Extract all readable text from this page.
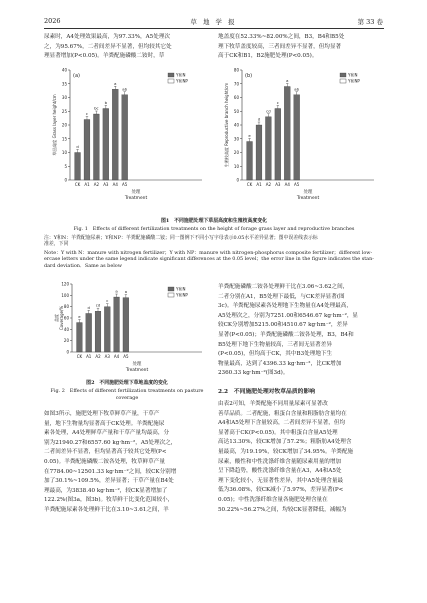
2026	草 地 学 报	第 33 卷

尿素时，A4处理效果最高，为97.33%，A5处理次

之，为95.67%，二者间差异不显著，但均较其它处

理显著增加(P<0.05)。羊粪配施磷酸二铵时，草

地盖度在52.33%~82.00%之间，B3，B4和B5处

理下牧草盖度较高，三者间差异不显著，但均显著

高于CK和B1，B2施肥处理(P<0.05)。

0
5
10
15
20
25
30
35
40
草层高度 Grass layer height/cm
(a)	Y和N
Y和NP
d
CK
c
A1
bc
A2
b
A3
a
A4
ab
A5
处理
Treatment
0
10
20
30
40
50
60
70
80
生殖枝高度 Reproductive branch height/cm
(b)	Y和N
Y和NP
e
CK
d
A1
cd
A2
c
A3
a
A4
ab
A5
处理
Treatment
图1　不同施肥处理下草层高度和生殖枝高度变化
Fig. 1　Effects of different fertilization treatments on the height of forage grass layer and reproductive branches
注：Y和N：羊粪配施尿素；Y和NP：羊粪配施磷酸二铵；同一图例下不同小写字母表示0.05水平差异显著；图中误差线表示标
准差，下同
Note：Y with N：manure with nitrogen fertilizer；Y with NP：manure with nitrogen-phosphorus composite fertilizer；different low-
ercase letters under the same legend indicate significant differences at the 0.05 level；the error line in the figure indicates the stan-
dard deviation．Same as below
0
20
40
60
80
100
120
盖度 Coverage/%
Y和N
Y和NP
e
CK
d
A1
cd
A2
c
A3
a
A4
a
A5
处理
Treatment
图2　不同施肥处理下草地盖度的变化
Fig. 2　Effects of different fertilization treatments on pasture
coverage

羊粪配施磷酸二铵各处理鲜干比在3.06~3.62之间，

二者分别在A1，B5处理下最低，与CK差异显著(图

3c)。羊粪配施尿素各处理地下生物量在A4处理最高，

A5处理次之，分别为7251.00和6546.67 kg·hm⁻²，显

较CK分别增加5215.00和4510.67 kg·hm⁻²，差异

显著(P<0.05)；羊粪配施磷酸二铵各处理，B3，B4和

B5处理下地下生物量较高，三者间无显著差异

(P<0.05)，但均高于CK，其中B3处理地下生

物量最高，达到了4396.33 kg·hm⁻²，比CK增加

2360.33 kg·hm⁻²(图3d)。

2.2　不同施肥处理对牧草品质的影响

由表2可知，羊粪配施不同用量尿素可显著改

善草品质。二者配施，粗蛋白含量和粗脂肪含量均在

A4和A5处理下含量较高，二者间差异不显著，但均

显著高于CK(P<0.05)。其中粗蛋白含量A5处理

高达13.30%，较CK增加了57.2%；粗脂肪A4处理含

量最高，为19.19%，较CK增加了34.95%。羊粪配施

尿素，酸性和中性洗涤纤维含量随尿素用量的增加

呈下降趋势，酸性洗涤纤维含量在A3，A4和A5处

理下变化较小，无显著性差异，其中A5处理含量最

低为36.08%，较CK减小了5.97%，差异显著(P<

0.05)；中性洗涤纤维含量各施肥处理含量在

50.22%~56.27%之间，均较CK显著降低，减幅为

如图3所示，施肥处理下牧草鲜草产量，干草产

量，地下生物量均显著高于CK处理。羊粪配施尿

素各处理，A4处理鲜草产量和干草产量均最高，分

别为21940.27和6557.60 kg·hm⁻²，A5处理次之，

二者间差异不显著，但均显著高于较其它处理(P<

0.05)。羊粪配施磷酸二铵各处理，牧草鲜草产量

在7784.00~12501.33 kg·hm⁻²之间，较CK分别增

加了30.1%~109.5%，差异显著；干草产量在B4处

理最高，为3838.40 kg·hm⁻²，较CK显著增加了

122.2%(图3a，图3b)。牧草鲜干比变化范围较小，

羊粪配施尿素各处理鲜干比在3.10~3.61之间，羊
